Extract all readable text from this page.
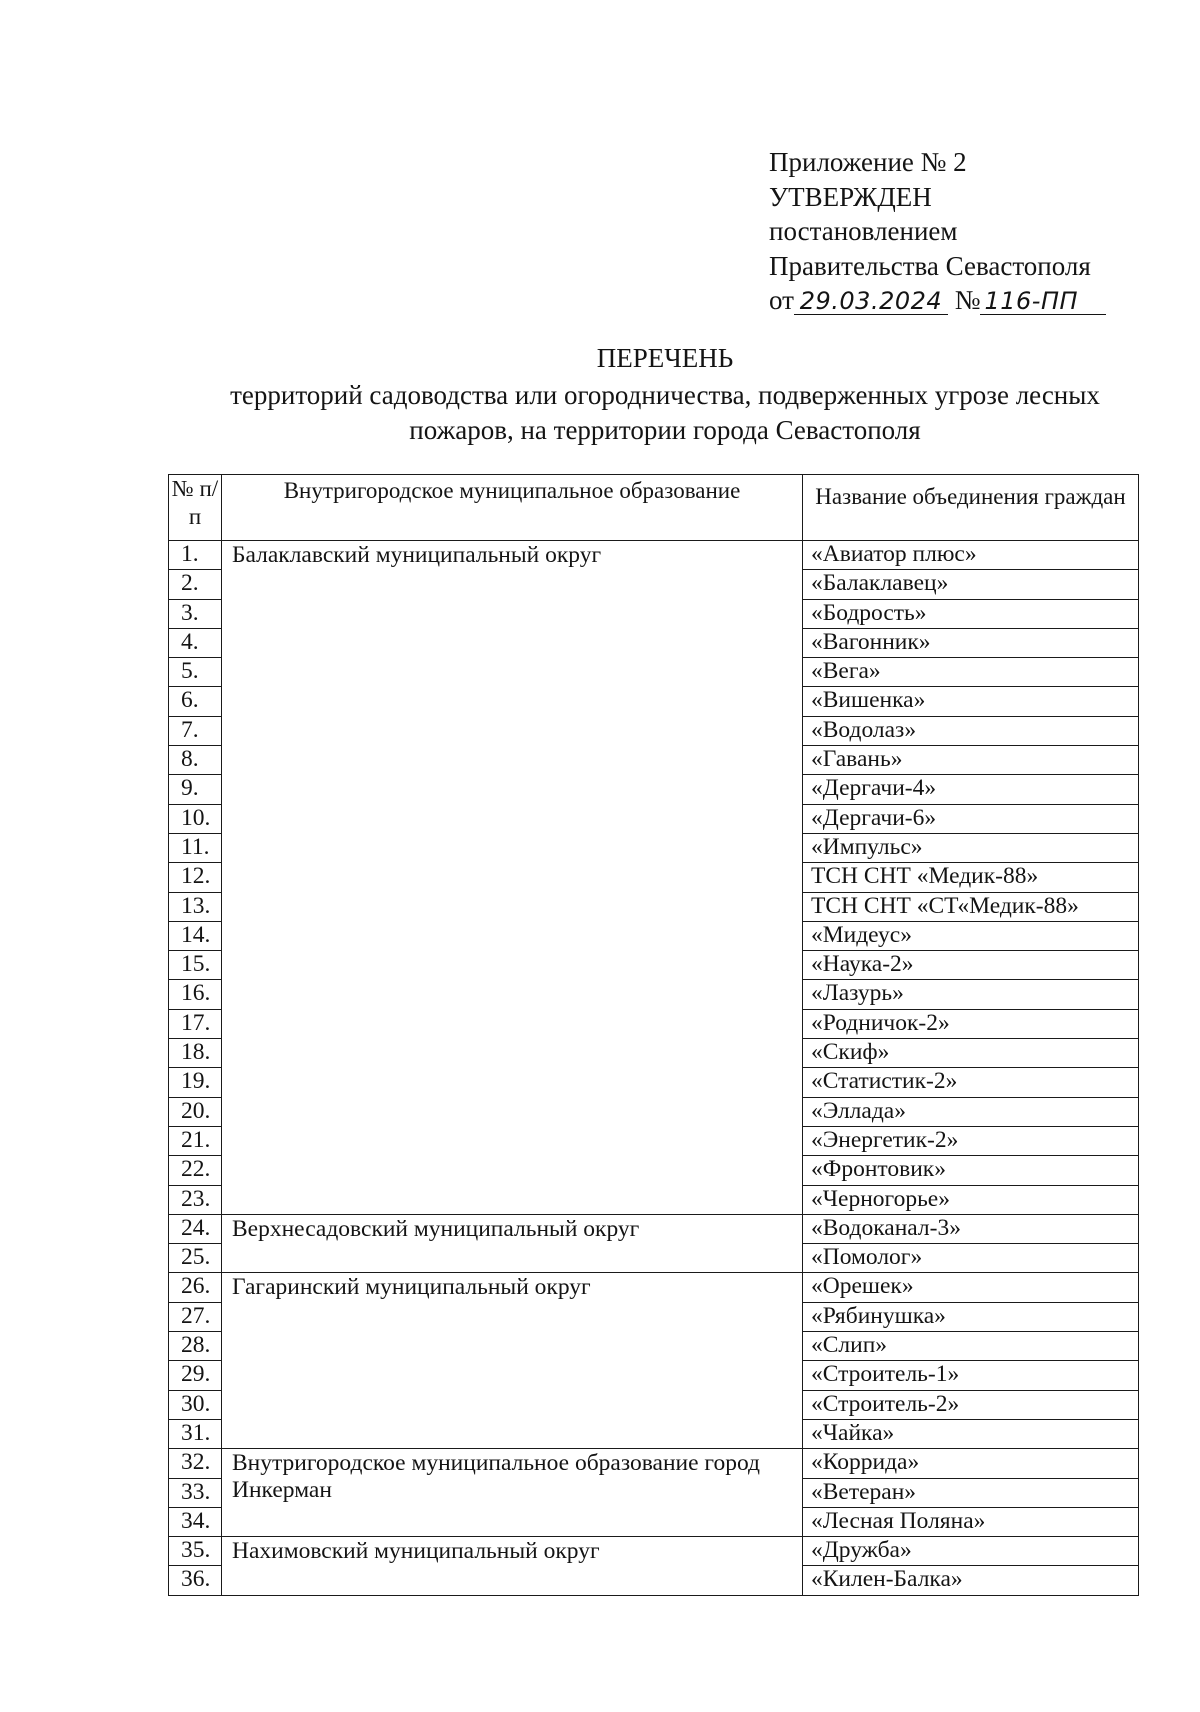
Приложение № 2
УТВЕРЖДЕН
постановлением
Правительства Севастополя
от 29.03.2024 № 116-ПП
ПЕРЕЧЕНЬ
территорий садоводства или огородничества, подверженных угрозе лесных
пожаров, на территории города Севастополя
№ п/п	Внутригородское муниципальное образование	Название объединения граждан
1.	Балаклавский муниципальный округ	«Авиатор плюс»
2.		«Балаклавец»
3.		«Бодрость»
4.		«Вагонник»
5.		«Вега»
6.		«Вишенка»
7.		«Водолаз»
8.		«Гавань»
9.		«Дергачи-4»
10.		«Дергачи-6»
11.		«Импульс»
12.		ТСН СНТ «Медик-88»
13.		ТСН СНТ «СТ«Медик-88»
14.		«Мидеус»
15.		«Наука-2»
16.		«Лазурь»
17.		«Родничок-2»
18.		«Скиф»
19.		«Статистик-2»
20.		«Эллада»
21.		«Энергетик-2»
22.		«Фронтовик»
23.		«Черногорье»
24.	Верхнесадовский муниципальный округ	«Водоканал-3»
25.		«Помолог»
26.	Гагаринский муниципальный округ	«Орешек»
27.		«Рябинушка»
28.		«Слип»
29.		«Строитель-1»
30.		«Строитель-2»
31.		«Чайка»
32.	Внутригородское муниципальное образование город Инкерман	«Коррида»
33.		«Ветеран»
34.		«Лесная Поляна»
35.	Нахимовский муниципальный округ	«Дружба»
36.		«Килен-Балка»
